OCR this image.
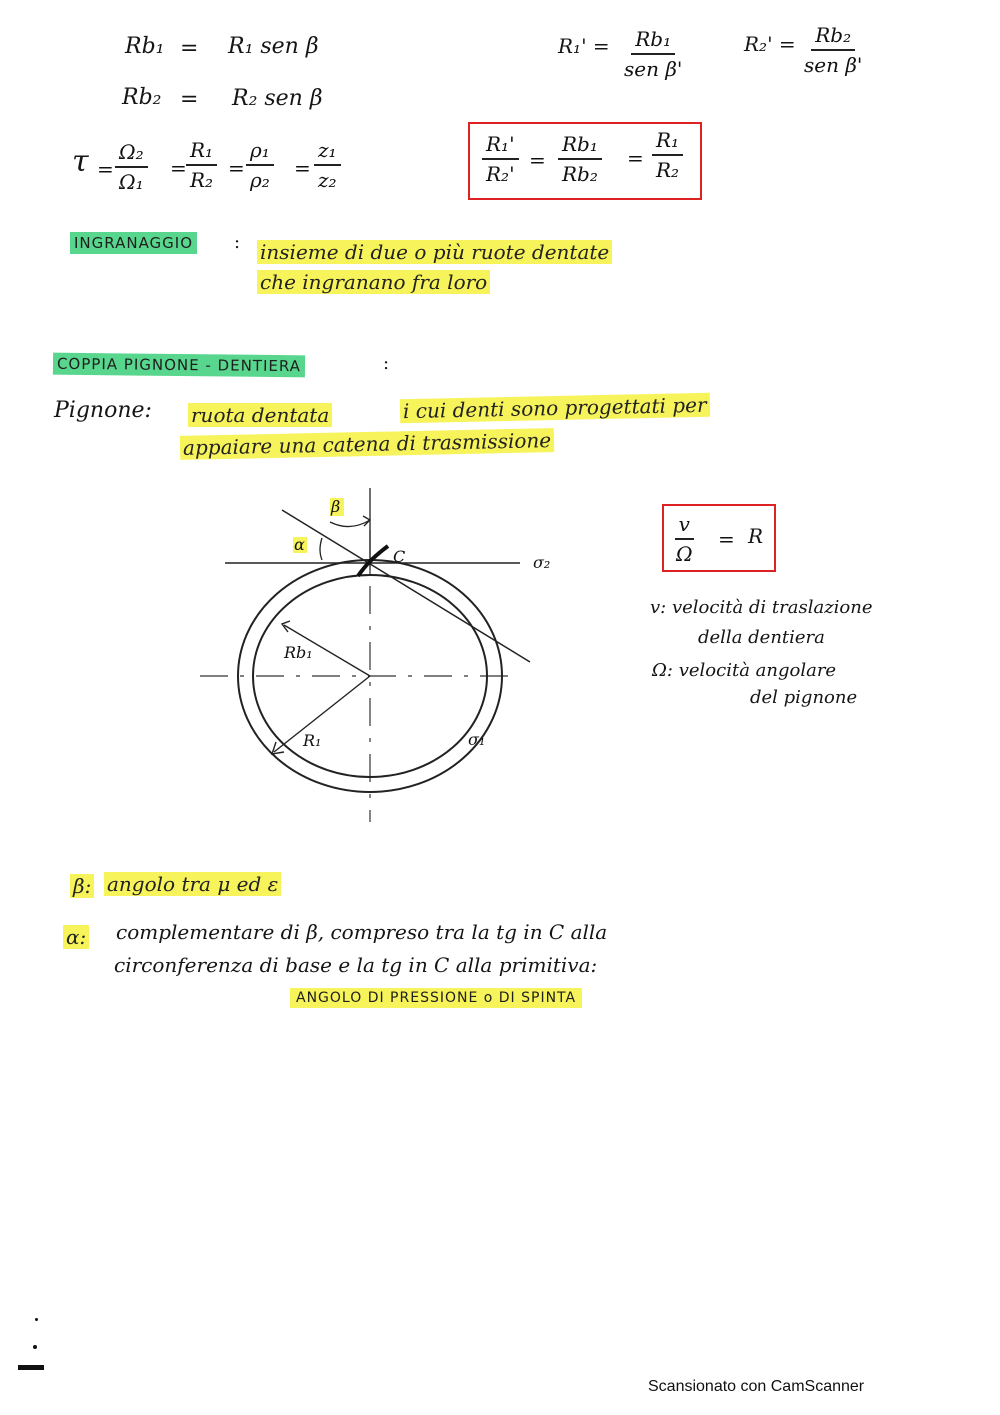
Rb₁ = R₁ sen β
Rb₂ = R₂ sen β
R₁' = Rb₁
sen β'
R₂' = Rb₂
sen β'
$\tau = \frac{\text{Ω₂}}{\text{Ω₁}} = \frac{\text{R₁}}{\text{R₂}} = \frac{\text{ρ₁}}{\text{ρ₂}} = \frac{\text{z₁}}{\text{z₂}}$	$\frac{\text{R₁'}}{\text{R₂'}} = \frac{\text{Rb₁}}{\text{Rb₂}} = \frac{\text{R₁}}{\text{R₂}}$
INGRANAGGIO : insieme di due o più ruote dentate
che ingranano fra loro
COPPIA PIGNONE - DENTIERA	:
Pignone: ruota dentata	i cui denti sono progettati per
appaiare una catena di trasmissione
β
α
C	σ₂
Rb₁
R₁	σ₁
$\frac{v}{\Omega} = R$
v: velocità di traslazione
della dentiera
Ω: velocità angolare
del pignone
β: angolo tra μ ed ε
α: complementare di β, compreso tra la tg in C alla
circonferenza di base e la tg in C alla primitiva:
ANGOLO DI PRESSIONE o DI SPINTA
Scansionato con CamScanner
